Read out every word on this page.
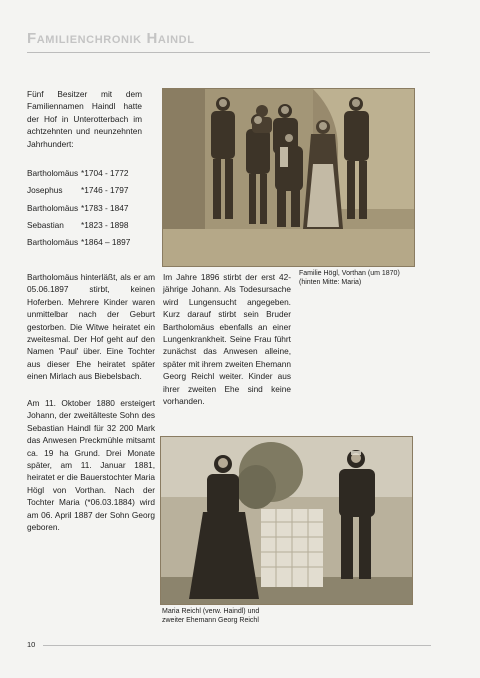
Familienchronik Haindl

Fünf Besitzer mit dem Familiennamen Haindl hatte der Hof in Unterotterbach im achtzehnten und neunzehnten Jahrhundert:

Bartholomäus *1704 - 1772
Josephus	*1746 - 1797
Bartholomäus *1783 - 1847
Sebastian	*1823 - 1898
Bartholomäus *1864 – 1897

Bartholomäus hinterläßt, als er am 05.06.1897 stirbt, keinen Hoferben. Mehrere Kinder waren unmittelbar nach der Geburt gestorben. Die Witwe heiratet ein zweitesmal. Der Hof geht auf den Namen 'Paul' über. Eine Tochter aus dieser Ehe heiratet später einen Mirlach aus Biebelsbach.

Am 11. Oktober 1880 ersteigert Johann, der zweitälteste Sohn des Sebastian Haindl für 32 200 Mark das Anwesen Preckmühle mitsamt ca. 19 ha Grund. Drei Monate später, am 11. Januar 1881, heiratet er die Bauerstochter Maria Högl von Vorthan. Nach der Tochter Maria (*06.03.1884) wird am 06. April 1887 der Sohn Georg geboren.

Im Jahre 1896 stirbt der erst 42-jährige Johann. Als Todesursache wird Lungensucht angegeben. Kurz darauf stirbt sein Bruder Bartholomäus ebenfalls an einer Lungenkrankheit. Seine Frau führt zunächst das Anwesen alleine, später mit ihrem zweiten Ehemann Georg Reichl weiter. Kinder aus ihrer zweiten Ehe sind keine vorhanden.

Familie Högl, Vorthan (um 1870)
(hinten Mitte: Maria)
Maria Reichl (verw. Haindl) und
zweiter Ehemann Georg Reichl
10
